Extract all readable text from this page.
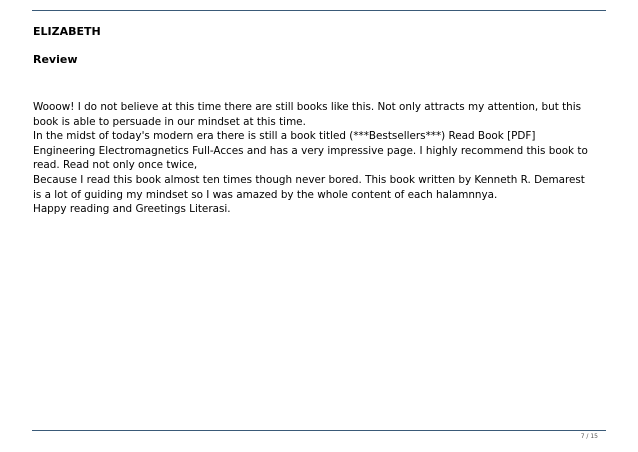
ELIZABETH
Review
Wooow! I do not believe at this time there are still books like this. Not only attracts my attention, but this
book is able to persuade in our mindset at this time.
In the midst of today's modern era there is still a book titled (***Bestsellers***) Read Book [PDF]
Engineering Electromagnetics Full-Acces and has a very impressive page. I highly recommend this book to
read. Read not only once twice,
Because I read this book almost ten times though never bored. This book written by Kenneth R. Demarest
is a lot of guiding my mindset so I was amazed by the whole content of each halamnnya.
Happy reading and Greetings Literasi.
7 / 15
